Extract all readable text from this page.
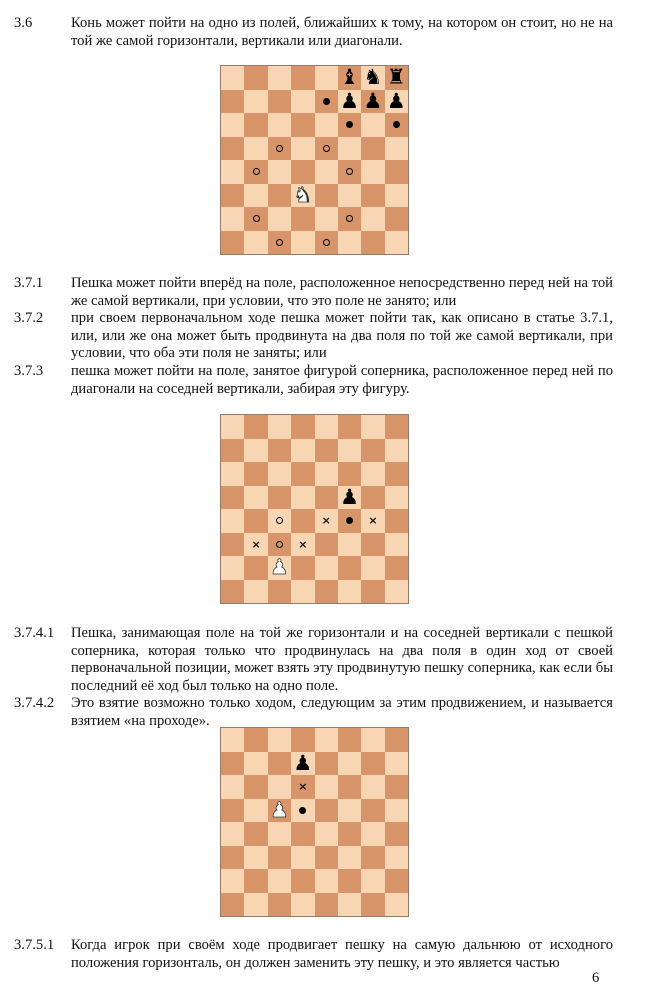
3.6	Конь может пойти на одно из полей, ближайших к тому, на котором он стоит, но не на той же самой горизонтали, вертикали или диагонали.
♝ ♞ ♜
♟ ♟ ♟
♞
3.7.1 Пешка может пойти вперёд на поле, расположенное непосредственно перед ней на той же самой вертикали, при условии, что это поле не занято; или
3.7.2 при своем первоначальном ходе пешка может пойти так, как описано в статье 3.7.1, или, или же она может быть продвинута на два поля по той же самой вертикали, при условии, что оба эти поля не заняты; или
3.7.3 пешка может пойти на поле, занятое фигурой соперника, расположенное перед ней по диагонали на соседней вертикали, забирая эту фигуру.
♟
×	×
×	×
♟
3.7.4.1 Пешка, занимающая поле на той же горизонтали и на соседней вертикали с пешкой соперника, которая только что продвинулась на два поля в один ход от своей первоначальной позиции, может взять эту продвинутую пешку соперника, как если бы последний её ход был только на одно поле.
3.7.4.2 Это взятие возможно только ходом, следующим за этим продвижением, и называется взятием «на проходе».
♟
×
♟
3.7.5.1 Когда игрок при своём ходе продвигает пешку на самую дальнюю от исходного положения горизонталь, он должен заменить эту пешку, и это является частью
6
